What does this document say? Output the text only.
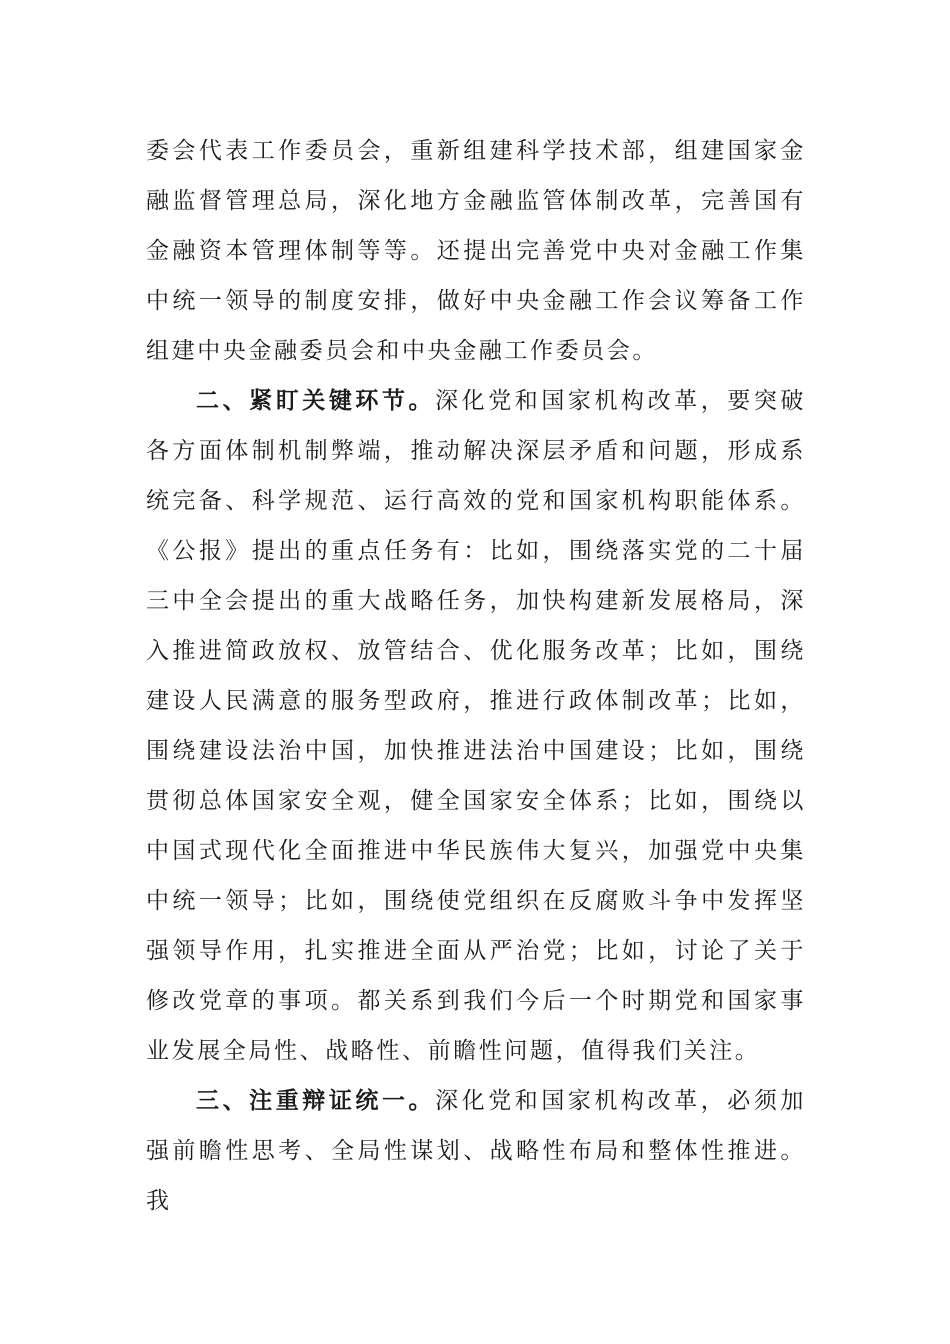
委会代表工作委员会，重新组建科学技术部，组建国家金融监督管理总局，深化地方金融监管体制改革，完善国有金融资本管理体制等等。还提出完善党中央对金融工作集中统一领导的制度安排，做好中央金融工作会议筹备工作组建中央金融委员会和中央金融工作委员会。

二、紧盯关键环节。深化党和国家机构改革，要突破各方面体制机制弊端，推动解决深层矛盾和问题，形成系统完备、科学规范、运行高效的党和国家机构职能体系。《公报》提出的重点任务有：比如，围绕落实党的二十届三中全会提出的重大战略任务，加快构建新发展格局，深入推进简政放权、放管结合、优化服务改革；比如，围绕建设人民满意的服务型政府，推进行政体制改革；比如，围绕建设法治中国，加快推进法治中国建设；比如，围绕贯彻总体国家安全观，健全国家安全体系；比如，围绕以中国式现代化全面推进中华民族伟大复兴，加强党中央集中统一领导；比如，围绕使党组织在反腐败斗争中发挥坚强领导作用，扎实推进全面从严治党；比如，讨论了关于修改党章的事项。都关系到我们今后一个时期党和国家事业发展全局性、战略性、前瞻性问题，值得我们关注。

三、注重辩证统一。深化党和国家机构改革，必须加强前瞻性思考、全局性谋划、战略性布局和整体性推进。我
